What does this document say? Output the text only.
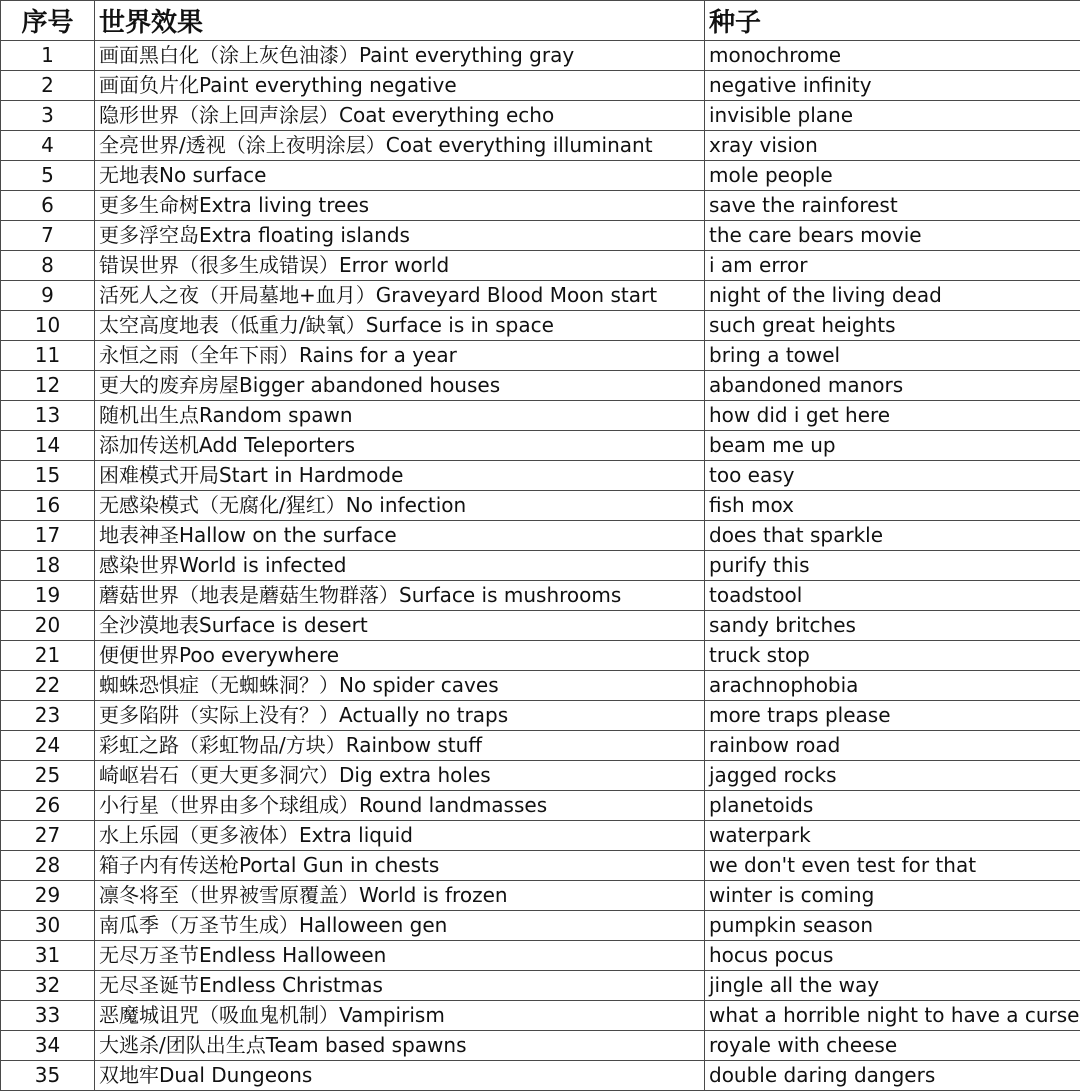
序号	世界效果	种子
1	画面黑白化（涂上灰色油漆）Paint everything gray	monochrome
2	画面负片化Paint everything negative	negative infinity
3	隐形世界（涂上回声涂层）Coat everything echo	invisible plane
4	全亮世界/透视（涂上夜明涂层）Coat everything illuminant	xray vision
5	无地表No surface	mole people
6	更多生命树Extra living trees	save the rainforest
7	更多浮空岛Extra floating islands	the care bears movie
8	错误世界（很多生成错误）Error world	i am error
9	活死人之夜（开局墓地+血月）Graveyard Blood Moon start	night of the living dead
10	太空高度地表（低重力/缺氧）Surface is in space	such great heights
11	永恒之雨（全年下雨）Rains for a year	bring a towel
12	更大的废弃房屋Bigger abandoned houses	abandoned manors
13	随机出生点Random spawn	how did i get here
14	添加传送机Add Teleporters	beam me up
15	困难模式开局Start in Hardmode	too easy
16	无感染模式（无腐化/猩红）No infection	fish mox
17	地表神圣Hallow on the surface	does that sparkle
18	感染世界World is infected	purify this
19	蘑菇世界（地表是蘑菇生物群落）Surface is mushrooms	toadstool
20	全沙漠地表Surface is desert	sandy britches
21	便便世界Poo everywhere	truck stop
22	蜘蛛恐惧症（无蜘蛛洞？）No spider caves	arachnophobia
23	更多陷阱（实际上没有？）Actually no traps	more traps please
24	彩虹之路（彩虹物品/方块）Rainbow stuff	rainbow road
25	崎岖岩石（更大更多洞穴）Dig extra holes	jagged rocks
26	小行星（世界由多个球组成）Round landmasses	planetoids
27	水上乐园（更多液体）Extra liquid	waterpark
28	箱子内有传送枪Portal Gun in chests	we don't even test for that
29	凛冬将至（世界被雪原覆盖）World is frozen	winter is coming
30	南瓜季（万圣节生成）Halloween gen	pumpkin season
31	无尽万圣节Endless Halloween	hocus pocus
32	无尽圣诞节Endless Christmas	jingle all the way
33	恶魔城诅咒（吸血鬼机制）Vampirism	what a horrible night to have a curse
34	大逃杀/团队出生点Team based spawns	royale with cheese
35	双地牢Dual Dungeons	double daring dangers
